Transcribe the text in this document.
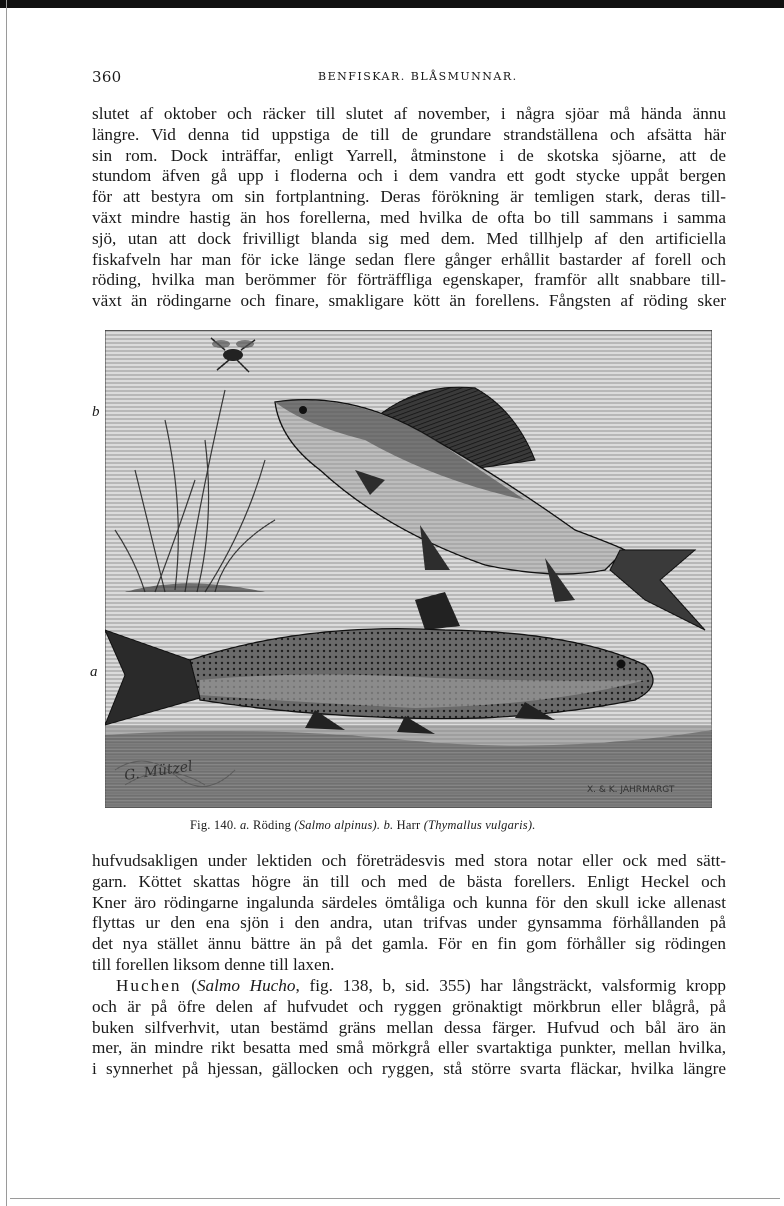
360	BENFISKAR. BLÅSMUNNAR.
slutet af oktober och räcker till slutet af november, i några sjöar må hända ännu
längre. Vid denna tid uppstiga de till de grundare strandställena och afsätta här
sin rom. Dock inträffar, enligt Yarrell, åtminstone i de skotska sjöarne, att de
stundom äfven gå upp i floderna och i dem vandra ett godt stycke uppåt bergen
för att bestyra om sin fortplantning. Deras förökning är temligen stark, deras till-
växt mindre hastig än hos forellerna, med hvilka de ofta bo till sammans i samma
sjö, utan att dock frivilligt blanda sig med dem. Med tillhjelp af den artificiella
fiskafveln har man för icke länge sedan flere gånger erhållit bastarder af forell och
röding, hvilka man berömmer för förträffliga egenskaper, framför allt snabbare till-
växt än rödingarne och finare, smakligare kött än forellens. Fångsten af röding sker
b
a
G. Mützel
X. & K. JAHRMARGT
Fig. 140. a. Röding (Salmo alpinus). b. Harr (Thymallus vulgaris).
hufvudsakligen under lektiden och företrädesvis med stora notar eller ock med sätt-
garn. Köttet skattas högre än till och med de bästa forellers. Enligt Heckel och
Kner äro rödingarne ingalunda särdeles ömtåliga och kunna för den skull icke allenast
flyttas ur den ena sjön i den andra, utan trifvas under gynsamma förhållanden på
det nya stället ännu bättre än på det gamla. För en fin gom förhåller sig rödingen
till forellen liksom denne till laxen.
Huchen (Salmo Hucho, fig. 138, b, sid. 355) har långsträckt, valsformig kropp
och är på öfre delen af hufvudet och ryggen grönaktigt mörkbrun eller blågrå, på
buken silfverhvit, utan bestämd gräns mellan dessa färger. Hufvud och bål äro än
mer, än mindre rikt besatta med små mörkgrå eller svartaktiga punkter, mellan hvilka,
i synnerhet på hjessan, gällocken och ryggen, stå större svarta fläckar, hvilka längre
